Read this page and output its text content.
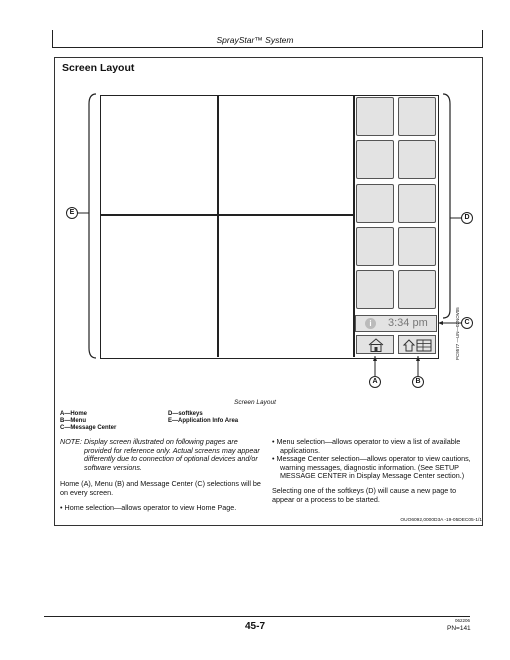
SprayStar™ System
Screen Layout
i	3:34 pm
E
D
C
A	B
PC9577 —UN—02NOV05
Screen Layout
A—Home
B—Menu
C—Message Center
D—softkeys
E—Application Info Area
NOTE: Display screen illustrated on following pages are provided for reference only. Actual screens may appear differently due to connection of optional devices and/or software versions.
Home (A), Menu (B) and Message Center (C) selections will be on every screen.
• Home selection—allows operator to view Home Page.
• Menu selection—allows operator to view a list of available applications.
• Message Center selection—allows operator to view cautions, warning messages, diagnostic information. (See SETUP MESSAGE CENTER in Display Message Center section.)
Selecting one of the softkeys (D) will cause a new page to appear or a process to be started.
OUO6092,0000D3A -19-05DEC05-1/1
45-7
062206
PN=141
